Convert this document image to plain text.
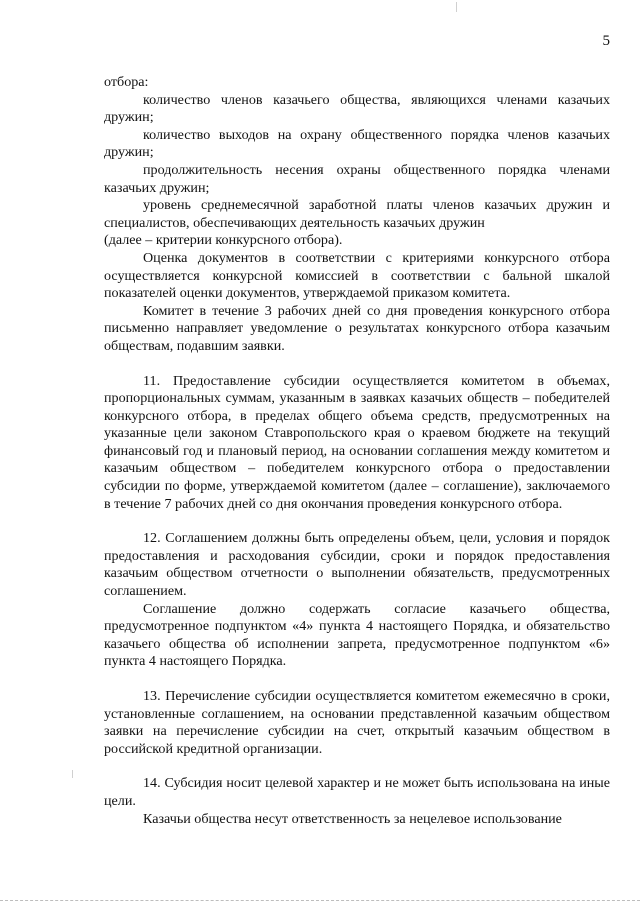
5

отбора:

количество членов казачьего общества, являющихся членами казачьих дружин;

количество выходов на охрану общественного порядка членов казачьих дружин;

продолжительность несения охраны общественного порядка членами казачьих дружин;

уровень среднемесячной заработной платы членов казачьих дружин и специалистов, обеспечивающих деятельность казачьих дружин

(далее – критерии конкурсного отбора).

Оценка документов в соответствии с критериями конкурсного отбора осуществляется конкурсной комиссией в соответствии с бальной шкалой показателей оценки документов, утверждаемой приказом комитета.

Комитет в течение 3 рабочих дней со дня проведения конкурсного отбора письменно направляет уведомление о результатах конкурсного отбора казачьим обществам, подавшим заявки.

11. Предоставление субсидии осуществляется комитетом в объемах, пропорциональных суммам, указанным в заявках казачьих обществ – победителей конкурсного отбора, в пределах общего объема средств, предусмотренных на указанные цели законом Ставропольского края о краевом бюджете на текущий финансовый год и плановый период, на основании соглашения между комитетом и казачьим обществом – победителем конкурсного отбора о предоставлении субсидии по форме, утверждаемой комитетом (далее – соглашение), заключаемого в течение 7 рабочих дней со дня окончания проведения конкурсного отбора.

12. Соглашением должны быть определены объем, цели, условия и порядок предоставления и расходования субсидии, сроки и порядок предоставления казачьим обществом отчетности о выполнении обязательств, предусмотренных соглашением.

Соглашение должно содержать согласие казачьего общества, предусмотренное подпунктом «4» пункта 4 настоящего Порядка, и обязательство казачьего общества об исполнении запрета, предусмотренное подпунктом «6» пункта 4 настоящего Порядка.

13. Перечисление субсидии осуществляется комитетом ежемесячно в сроки, установленные соглашением, на основании представленной казачьим обществом заявки на перечисление субсидии на счет, открытый казачьим обществом в российской кредитной организации.

14. Субсидия носит целевой характер и не может быть использована на иные цели.

Казачьи общества несут ответственность за нецелевое использование
